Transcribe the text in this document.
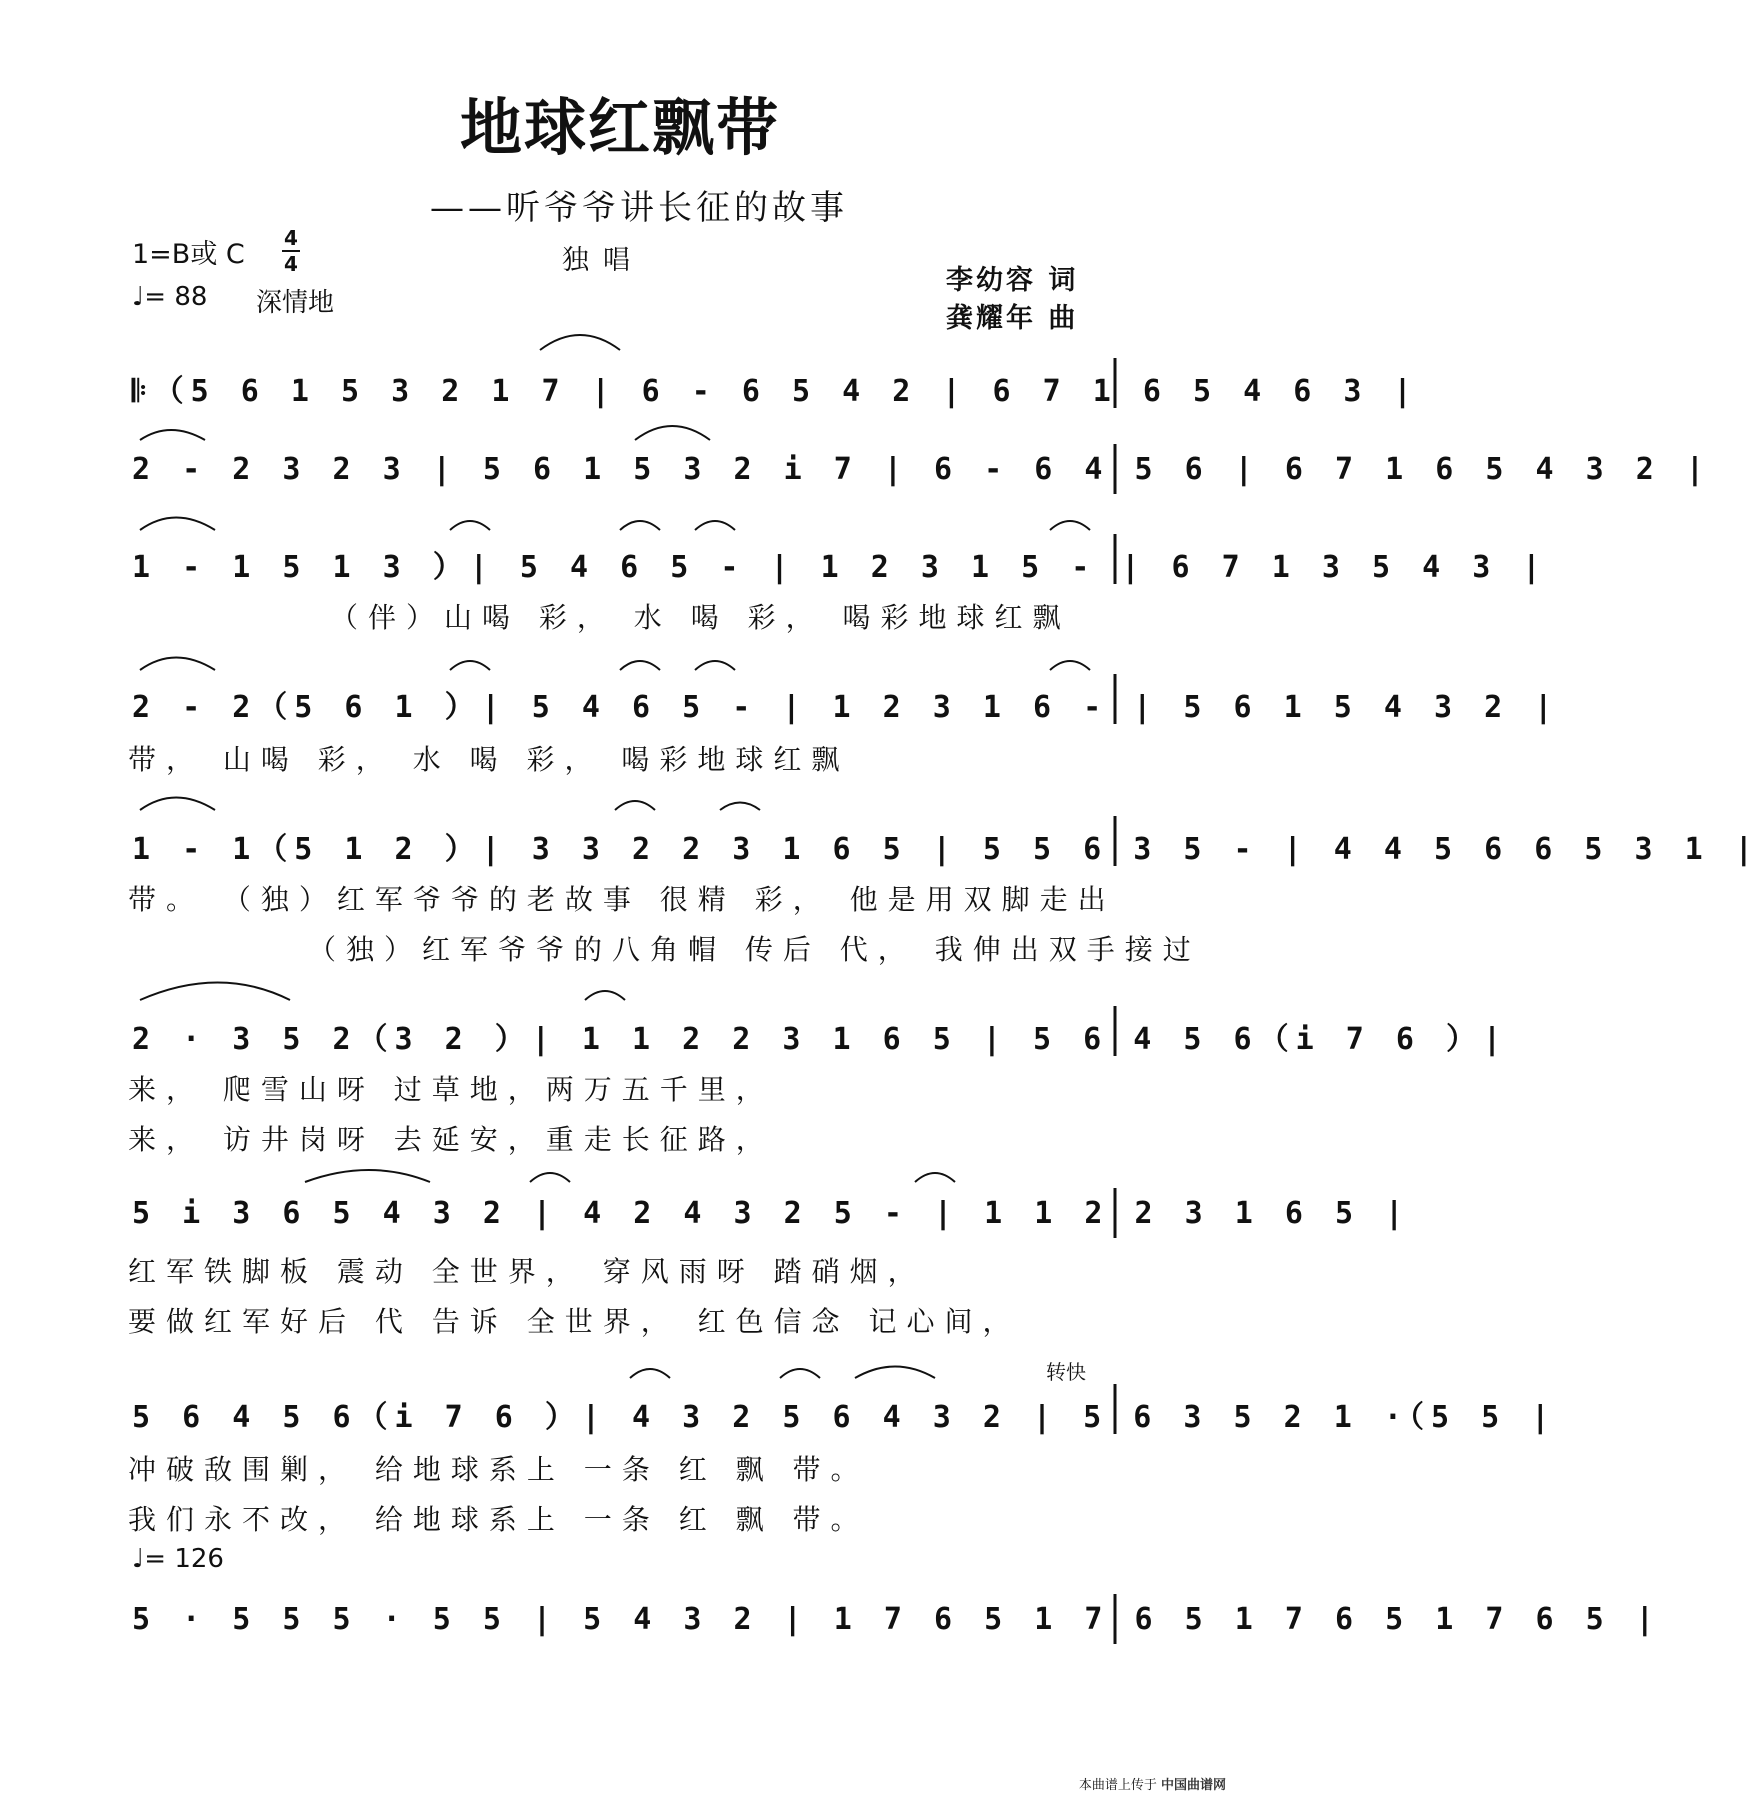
地球红飘带
——听爷爷讲长征的故事
1=B或 C
4
4
♩= 88 深情地
独唱
李幼容 词
龚耀年 曲
𝄆（5 6 1 5 3 2 1 7 | 6 - 6 5 4 2 | 6 7 1 6 5 4 6 3 |
2 - 2 3 2 3 | 5 6 1 5 3 2 i 7 | 6 - 6 4 5 6 | 6 7 1 6 5 4 3 2 |
1 - 1 5 1 3 ）| 5 4 6 5 - | 1 2 3 1 5 - | 6 7 1 3 5 4 3 |
（伴）山喝 彩， 水 喝 彩， 喝彩地球红飘
2 - 2（5 6 1 ）| 5 4 6 5 - | 1 2 3 1 6 - | 5 6 1 5 4 3 2 |
带， 山喝 彩， 水 喝 彩， 喝彩地球红飘
1 - 1（5 1 2 ）| 3 3 2 2 3 1 6 5 | 5 5 6 3 5 - | 4 4 5 6 6 5 3 1 |
带。 （独）红军爷爷的老故事 很精 彩， 他是用双脚走出
（独）红军爷爷的八角帽 传后 代， 我伸出双手接过
2 · 3 5 2（3 2 ）| 1 1 2 2 3 1 6 5 | 5 6 4 5 6（i 7 6 ）|
来， 爬雪山呀 过草地，两万五千里，
来， 访井岗呀 去延安，重走长征路，
5 i 3 6 5 4 3 2 | 4 2 4 3 2 5 - | 1 1 2 2 3 1 6 5 |
红军铁脚板 震动 全世界， 穿风雨呀 踏硝烟，
要做红军好后 代 告诉 全世界， 红色信念 记心间，
转快
5 6 4 5 6（i 7 6 ）| 4 3 2 5 6 4 3 2 | 5 6 3 5 2 1 ·（5 5 |
冲破敌围剿， 给地球系上 一条 红 飘 带。
我们永不改， 给地球系上 一条 红 飘 带。
♩= 126
5 · 5 5 5 · 5 5 | 5 4 3 2 | 1 7 6 5 1 7 6 5 1 7 6 5 1 7 6 5 |
本曲谱上传于 中国曲谱网
